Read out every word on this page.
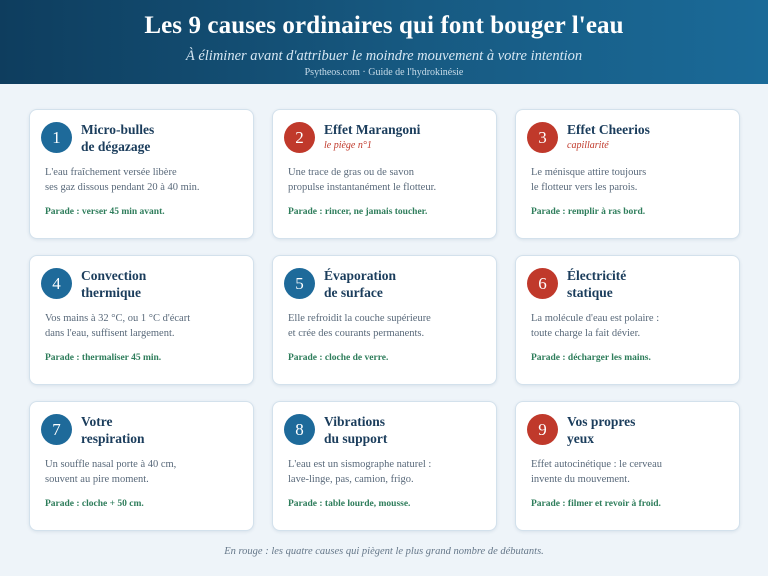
Les 9 causes ordinaires qui font bouger l'eau
À éliminer avant d'attribuer le moindre mouvement à votre intention
Psytheos.com · Guide de l'hydrokinésie
1	Micro-bulles
de dégazage
L'eau fraîchement versée libère
ses gaz dissous pendant 20 à 40 min.
Parade : verser 45 min avant.
2	Effet Marangoni
le piège n°1
Une trace de gras ou de savon
propulse instantanément le flotteur.
Parade : rincer, ne jamais toucher.
3	Effet Cheerios
capillarité
Le ménisque attire toujours
le flotteur vers les parois.
Parade : remplir à ras bord.
4	Convection
thermique
Vos mains à 32 °C, ou 1 °C d'écart
dans l'eau, suffisent largement.
Parade : thermaliser 45 min.
5	Évaporation
de surface
Elle refroidit la couche supérieure
et crée des courants permanents.
Parade : cloche de verre.
6	Électricité
statique
La molécule d'eau est polaire :
toute charge la fait dévier.
Parade : décharger les mains.
7	Votre
respiration
Un souffle nasal porte à 40 cm,
souvent au pire moment.
Parade : cloche + 50 cm.
8	Vibrations
du support
L'eau est un sismographe naturel :
lave-linge, pas, camion, frigo.
Parade : table lourde, mousse.
9	Vos propres
yeux
Effet autocinétique : le cerveau
invente du mouvement.
Parade : filmer et revoir à froid.
En rouge : les quatre causes qui piègent le plus grand nombre de débutants.
